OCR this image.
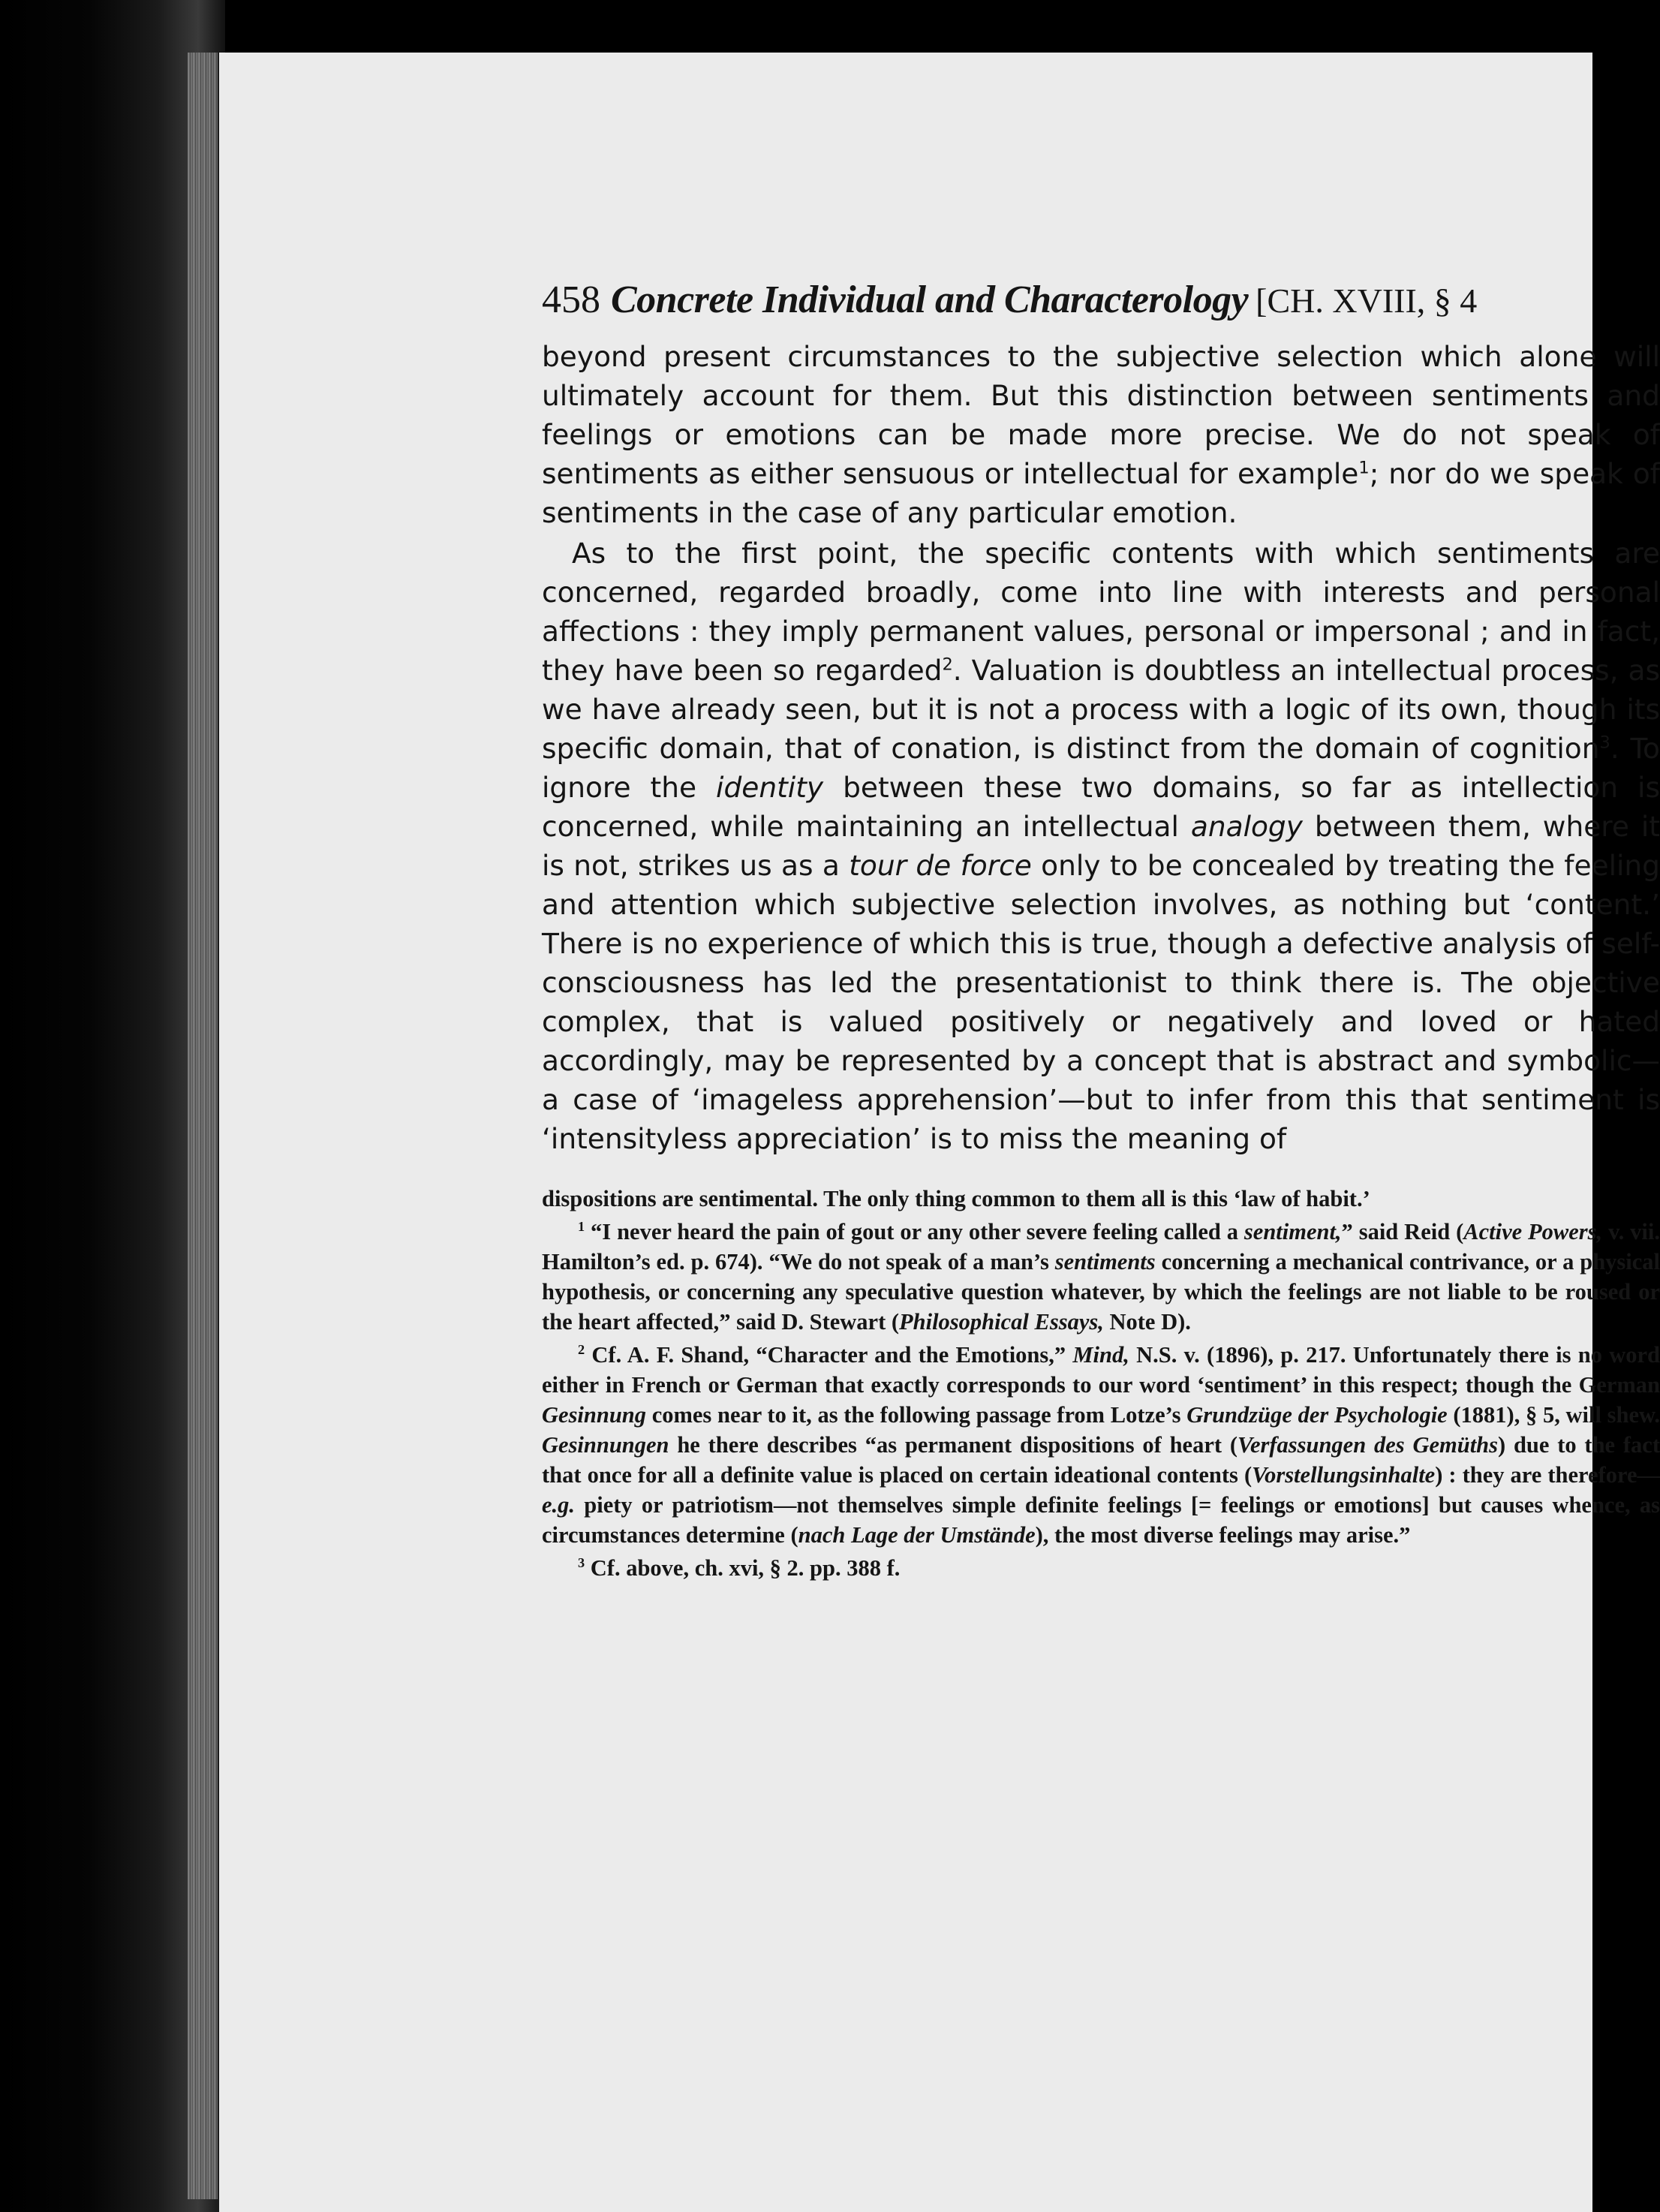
458 Concrete Individual and Characterology [CH. XVIII, § 4

beyond present circumstances to the subjective selection which alone will ultimately account for them. But this distinction between sentiments and feelings or emotions can be made more precise. We do not speak of sentiments as either sensuous or intellectual for example$^1$; nor do we speak of sentiments in the case of any particular emotion.

As to the first point, the specific contents with which sentiments are concerned, regarded broadly, come into line with interests and personal affections : they imply permanent values, personal or impersonal ; and in fact, they have been so regarded$^2$. Valuation is doubtless an intellectual process, as we have already seen, but it is not a process with a logic of its own, though its specific domain, that of conation, is distinct from the domain of cognition$^3$. To ignore the identity between these two domains, so far as intellection is concerned, while maintaining an intellectual analogy between them, where it is not, strikes us as a tour de force only to be concealed by treating the feeling and attention which subjective selection involves, as nothing but ‘content.’ There is no experience of which this is true, though a defective analysis of self-consciousness has led the presentationist to think there is. The objective complex, that is valued positively or negatively and loved or hated accordingly, may be represented by a concept that is abstract and symbolic—a case of ‘imageless apprehension’—but to infer from this that sentiment is ‘intensityless appreciation’ is to miss the meaning of

dispositions are sentimental. The only thing common to them all is this ‘law of habit.’

$^1$ “I never heard the pain of gout or any other severe feeling called a sentiment,” said Reid (Active Powers, v. vii. Hamilton’s ed. p. 674). “We do not speak of a man’s sentiments concerning a mechanical contrivance, or a physical hypothesis, or concerning any speculative question whatever, by which the feelings are not liable to be roused or the heart affected,” said D. Stewart (Philosophical Essays, Note D).

$^2$ Cf. A. F. Shand, “Character and the Emotions,” Mind, N.S. v. (1896), p. 217. Unfortunately there is no word either in French or German that exactly corresponds to our word ‘sentiment’ in this respect; though the German Gesinnung comes near to it, as the following passage from Lotze’s Grundzüge der Psychologie (1881), § 5, will shew. Gesinnungen he there describes “as permanent dispositions of heart (Verfassungen des Gemüths) due to the fact that once for all a definite value is placed on certain ideational contents (Vorstellungsinhalte) : they are therefore—e.g. piety or patriotism—not themselves simple definite feelings [= feelings or emotions] but causes whence, as circumstances determine (nach Lage der Umstände), the most diverse feelings may arise.”

$^3$ Cf. above, ch. xvi, § 2. pp. 388 f.
